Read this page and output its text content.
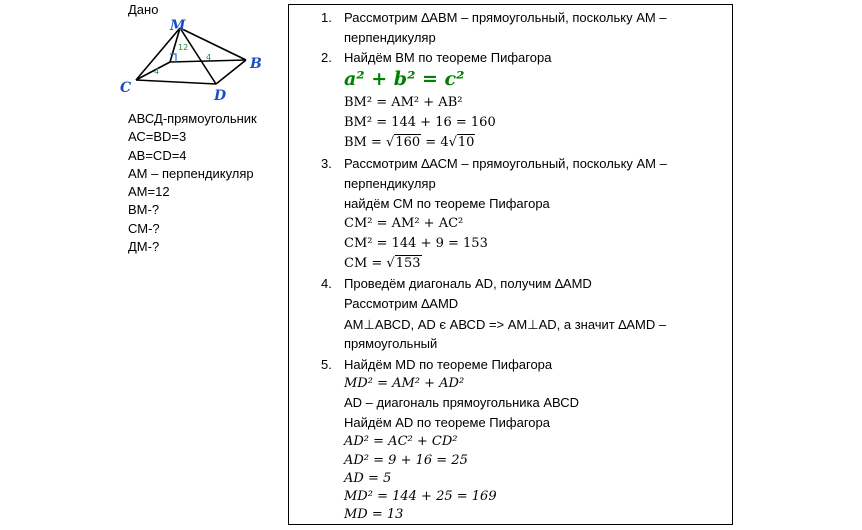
Дано
M
B
C	D
12
4
4
АВСД-прямоугольник
АС=ВD=3
АВ=СD=4
АМ – перпендикуляр
АМ=12
ВМ-?
СМ-?
ДМ-?
1. Рассмотрим ∆АВМ – прямоугольный, поскольку АМ –
перпендикуляр
2. Найдём ВМ по теореме Пифагора
a² + b² = c²
BM² = AM² + AB²
BM² = 144 + 16 = 160
BM = √160 = 4√10
3. Рассмотрим ∆АСМ – прямоугольный, поскольку АМ –
перпендикуляр
найдём СМ по теореме Пифагора
CM² = AM² + AC²
CM² = 144 + 9 = 153
CM = √153
4. Проведём диагональ АD, получим ∆АМD
Рассмотрим ∆АМD
АМ⊥АВСD, АD є АВСD => АМ⊥АD, а значит ∆АМD –
прямоугольный
5. Найдём МD по теореме Пифагора
MD² = AM² + AD²
AD – диагональ прямоугольника АВСD
Найдём АD по теореме Пифагора
AD² = AC² + CD²
AD² = 9 + 16 = 25
AD = 5
MD² = 144 + 25 = 169
MD = 13
